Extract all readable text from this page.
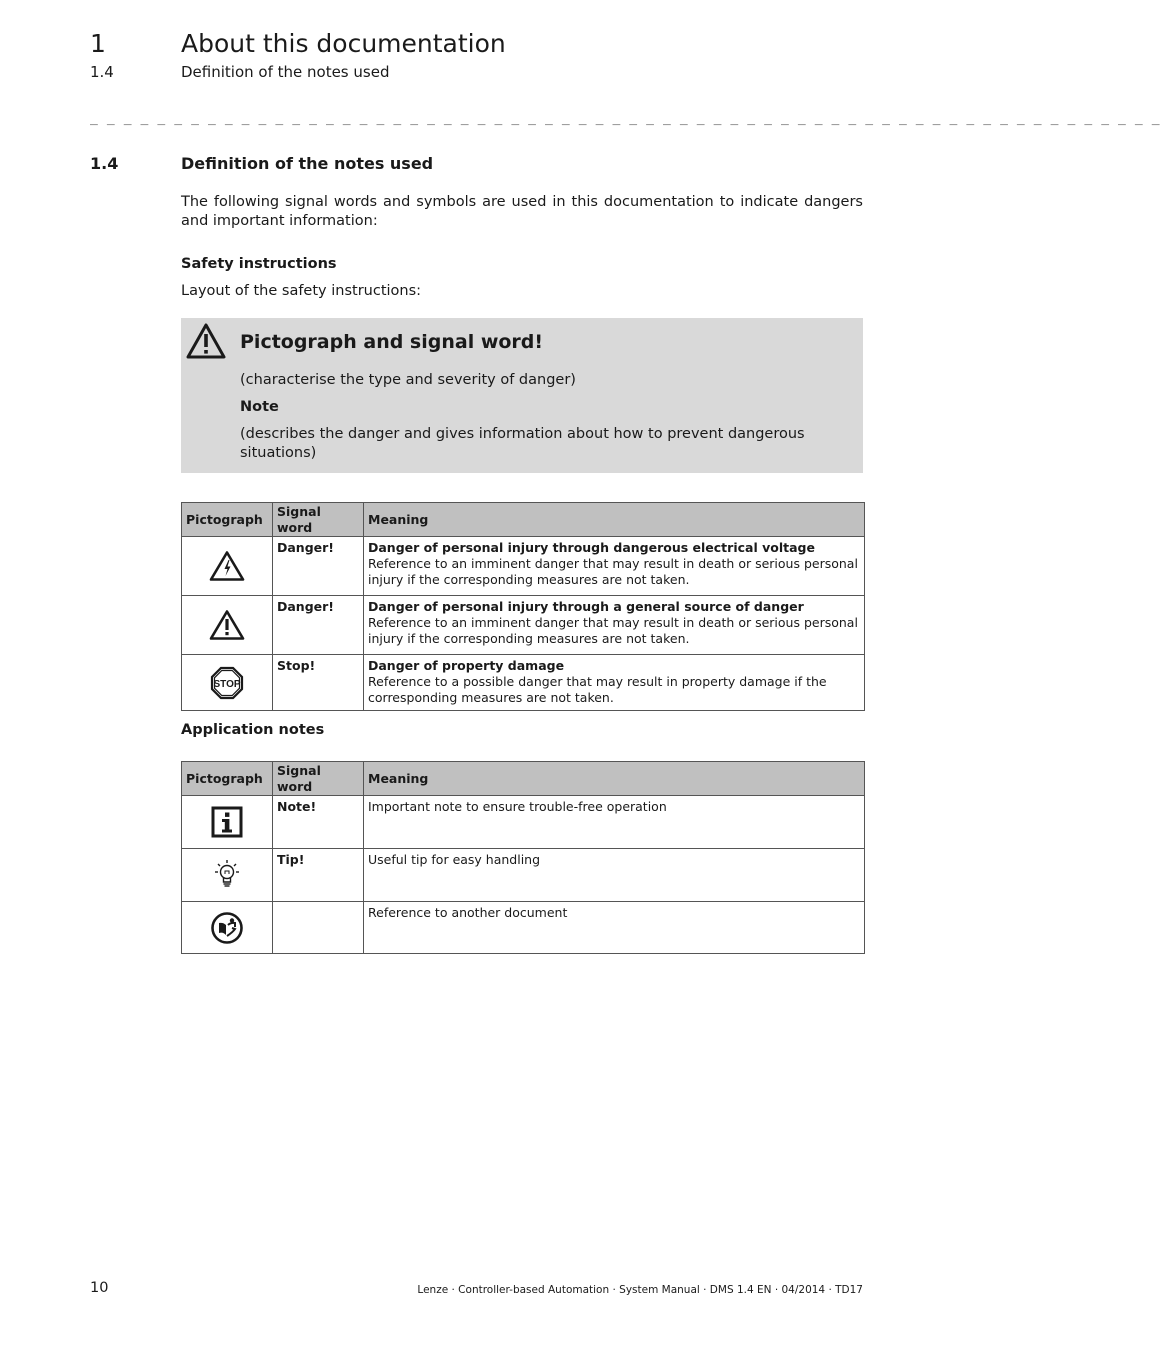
1	About this documentation
1.4	Definition of the notes used
_ _ _ _ _ _ _ _ _ _ _ _ _ _ _ _ _ _ _ _ _ _ _ _ _ _ _ _ _ _ _ _ _ _ _ _ _ _ _ _ _ _ _ _ _ _ _ _ _ _ _ _ _ _ _ _ _ _ _ _ _ _ _ _
1.4	Definition of the notes used
The following signal words and symbols are used in this documentation to indicate dangers and important information:
Safety instructions
Layout of the safety instructions:
Pictograph and signal word!
(characterise the type and severity of danger)
Note
(describes the danger and gives information about how to prevent dangerous situations)
Pictograph	Signal word	Meaning

	Danger!	Danger of personal injury through dangerous electrical voltage
Reference to an imminent danger that may result in death or serious personal injury if the corresponding measures are not taken.

	Danger!	Danger of personal injury through a general source of danger
Reference to an imminent danger that may result in death or serious personal injury if the corresponding measures are not taken.

STOP	Stop!	Danger of property damage
Reference to a possible danger that may result in property damage if the corresponding measures are not taken.
Application notes
Pictograph	Signal word	Meaning

	Note!	Important note to ensure trouble-free operation

	Tip!	Useful tip for easy handling

		Reference to another document
10	Lenze · Controller-based Automation · System Manual · DMS 1.4 EN · 04/2014 · TD17
